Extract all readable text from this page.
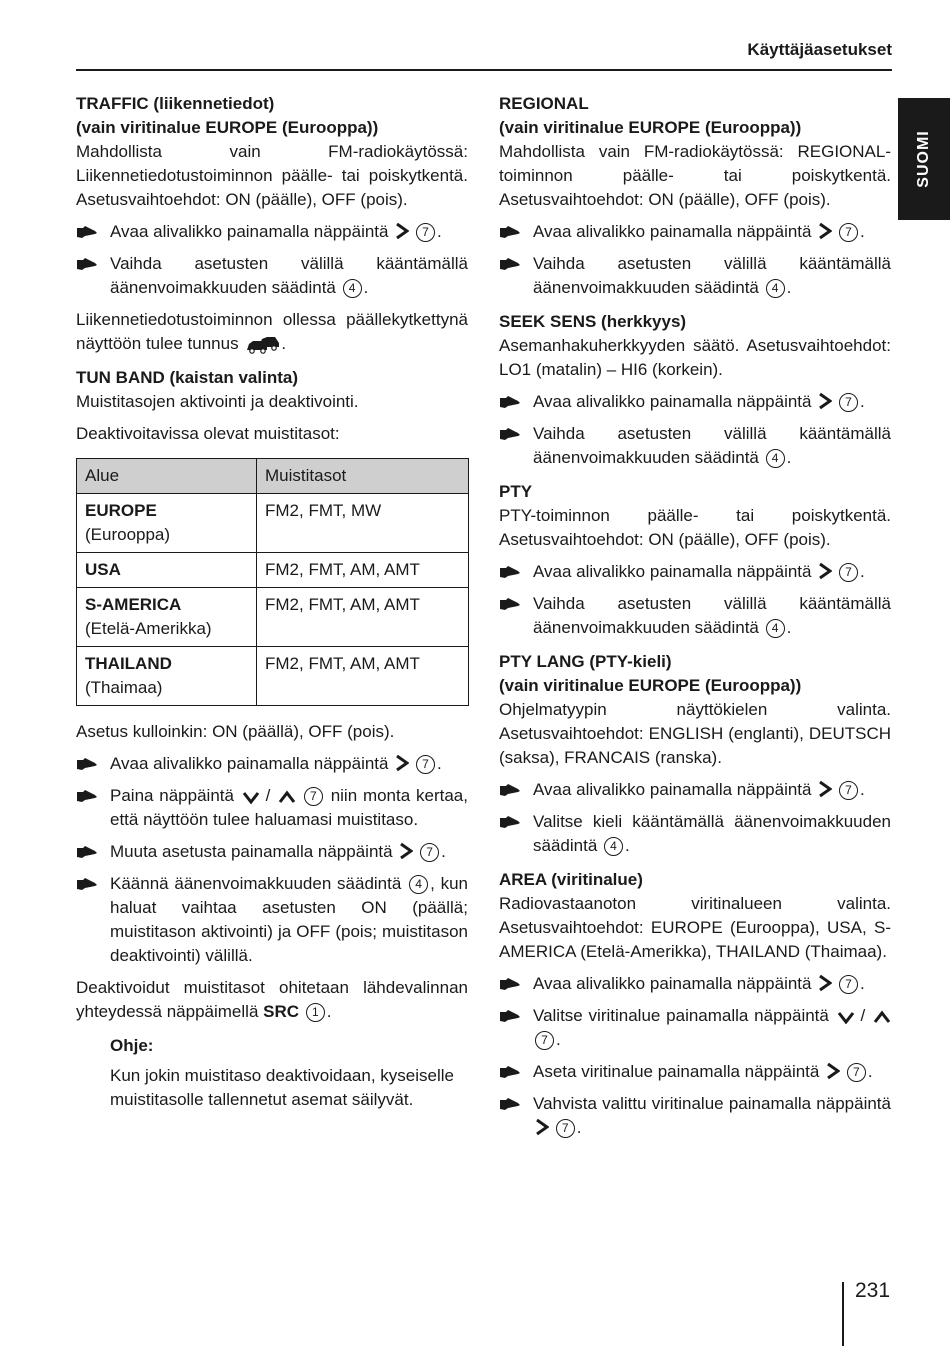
Käyttäjäasetukset
SUOMI
TRAFFIC (liikennetiedot)
(vain viritinalue EUROPE (Eurooppa))

Mahdollista vain FM-radiokäytössä: Liikennetiedotustoiminnon päälle- tai poiskytkentä. Asetusvaihtoehdot: ON (päälle), OFF (pois).

Avaa alivalikko painamalla näppäintä	7 .
Vaihda asetusten välillä kääntämällä äänenvoimakkuuden säädintä 4 .

Liikennetiedotustoiminnon ollessa päällekytkettynä näyttöön tulee tunnus	.

TUN BAND (kaistan valinta)

Muistitasojen aktivointi ja deaktivointi.

Deaktivoitavissa olevat muistitasot:

Alue	Muistitasot

EUROPE
(Eurooppa)	FM2, FMT, MW

USA	FM2, FMT, AM, AMT

S-AMERICA
(Etelä-Amerikka)	FM2, FMT, AM, AMT

THAILAND
(Thaimaa)	FM2, FMT, AM, AMT

Asetus kulloinkin: ON (päällä), OFF (pois).

Avaa alivalikko painamalla näppäintä	7 .
Paina näppäintä /	7 niin monta kertaa, että näyttöön tulee haluamasi muistitaso.
Muuta asetusta painamalla näppäintä	7 .
Käännä äänenvoimakkuuden säädintä 4 , kun haluat vaihtaa asetusten ON (päällä; muistitason aktivointi) ja OFF (pois; muistitason deaktivointi) välillä.

Deaktivoidut muistitasot ohitetaan lähdevalinnan yhteydessä näppäimellä SRC 1 .

Ohje:
Kun jokin muistitaso deaktivoidaan, kyseiselle muistitasolle tallennetut asemat säilyvät.
REGIONAL
(vain viritinalue EUROPE (Eurooppa))

Mahdollista vain FM-radiokäytössä: REGIONAL-toiminnon päälle- tai poiskytkentä. Asetusvaihtoehdot: ON (päälle), OFF (pois).

Avaa alivalikko painamalla näppäintä	7 .
Vaihda asetusten välillä kääntämällä äänenvoimakkuuden säädintä 4 .
SEEK SENS (herkkyys)

Asemanhakuherkkyyden säätö. Asetusvaihtoehdot: LO1 (matalin) – HI6 (korkein).

Avaa alivalikko painamalla näppäintä	7 .
Vaihda asetusten välillä kääntämällä äänenvoimakkuuden säädintä 4 .
PTY

PTY-toiminnon päälle- tai poiskytkentä. Asetusvaihtoehdot: ON (päälle), OFF (pois).

Avaa alivalikko painamalla näppäintä	7 .
Vaihda asetusten välillä kääntämällä äänenvoimakkuuden säädintä 4 .
PTY LANG (PTY-kieli)
(vain viritinalue EUROPE (Eurooppa))

Ohjelmatyypin näyttökielen valinta. Asetusvaihtoehdot: ENGLISH (englanti), DEUTSCH (saksa), FRANCAIS (ranska).

Avaa alivalikko painamalla näppäintä	7 .
Valitse kieli kääntämällä äänenvoimakkuuden säädintä 4 .
AREA (viritinalue)

Radiovastaanoton viritinalueen valinta. Asetusvaihtoehdot: EUROPE (Eurooppa), USA, S-AMERICA (Etelä-Amerikka), THAILAND (Thaimaa).

Avaa alivalikko painamalla näppäintä	7 .
Valitse viritinalue painamalla näppäintä /  7 .
Aseta viritinalue painamalla näppäintä	7 .
Vahvista valittu viritinalue painamalla näppäintä  7 .
231
